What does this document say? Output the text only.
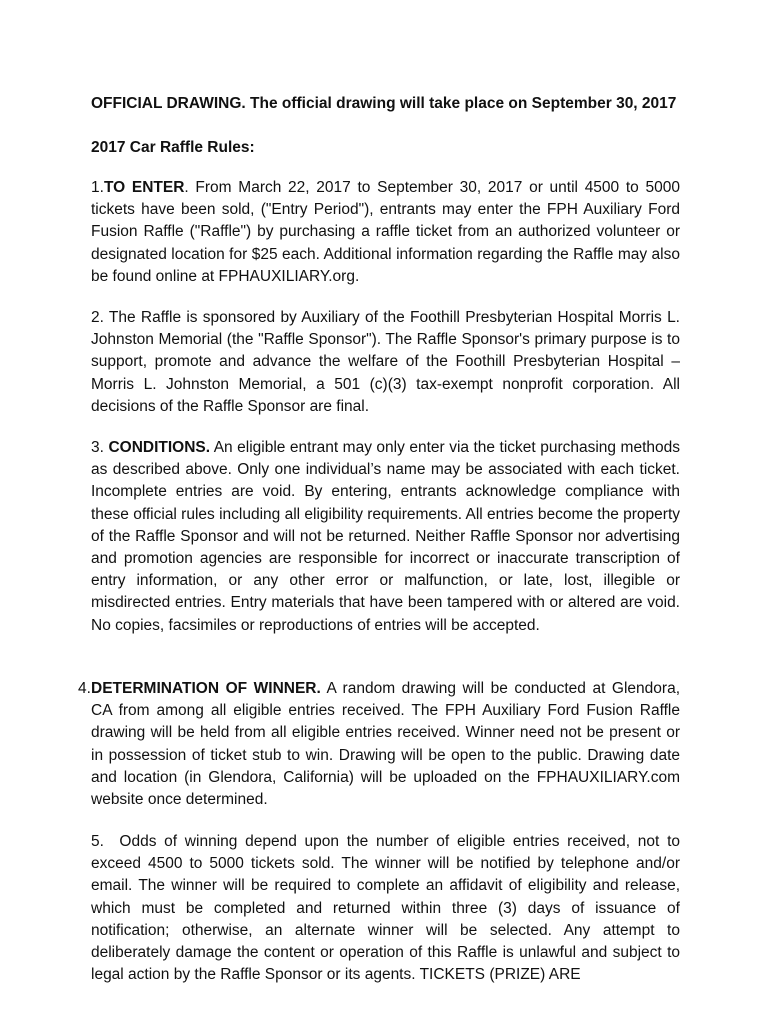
OFFICIAL DRAWING. The official drawing will take place on September 30, 2017
2017 Car Raffle Rules:

1.TO ENTER. From March 22, 2017 to September 30, 2017 or until 4500 to 5000 tickets have been sold, ("Entry Period"), entrants may enter the FPH Auxiliary Ford Fusion Raffle ("Raffle") by purchasing a raffle ticket from an authorized volunteer or designated location for $25 each. Additional information regarding the Raffle may also be found online at FPHAUXILIARY.org.

2. The Raffle is sponsored by Auxiliary of the Foothill Presbyterian Hospital Morris L. Johnston Memorial (the "Raffle Sponsor"). The Raffle Sponsor's primary purpose is to support, promote and advance the welfare of the Foothill Presbyterian Hospital – Morris L. Johnston Memorial, a 501 (c)(3) tax-exempt nonprofit corporation. All decisions of the Raffle Sponsor are final.

3. CONDITIONS. An eligible entrant may only enter via the ticket purchasing methods as described above. Only one individual’s name may be associated with each ticket. Incomplete entries are void. By entering, entrants acknowledge compliance with these official rules including all eligibility requirements. All entries become the property of the Raffle Sponsor and will not be returned. Neither Raffle Sponsor nor advertising and promotion agencies are responsible for incorrect or inaccurate transcription of entry information, or any other error or malfunction, or late, lost, illegible or misdirected entries. Entry materials that have been tampered with or altered are void. No copies, facsimiles or reproductions of entries will be accepted.

4. DETERMINATION OF WINNER. A random drawing will be conducted at Glendora, CA from among all eligible entries received. The FPH Auxiliary Ford Fusion Raffle drawing will be held from all eligible entries received. Winner need not be present or in possession of ticket stub to win. Drawing will be open to the public. Drawing date and location (in Glendora, California) will be uploaded on the FPHAUXILIARY.com website once determined.

5. Odds of winning depend upon the number of eligible entries received, not to exceed 4500 to 5000 tickets sold. The winner will be notified by telephone and/or email. The winner will be required to complete an affidavit of eligibility and release, which must be completed and returned within three (3) days of issuance of notification; otherwise, an alternate winner will be selected. Any attempt to deliberately damage the content or operation of this Raffle is unlawful and subject to legal action by the Raffle Sponsor or its agents. TICKETS (PRIZE) ARE
